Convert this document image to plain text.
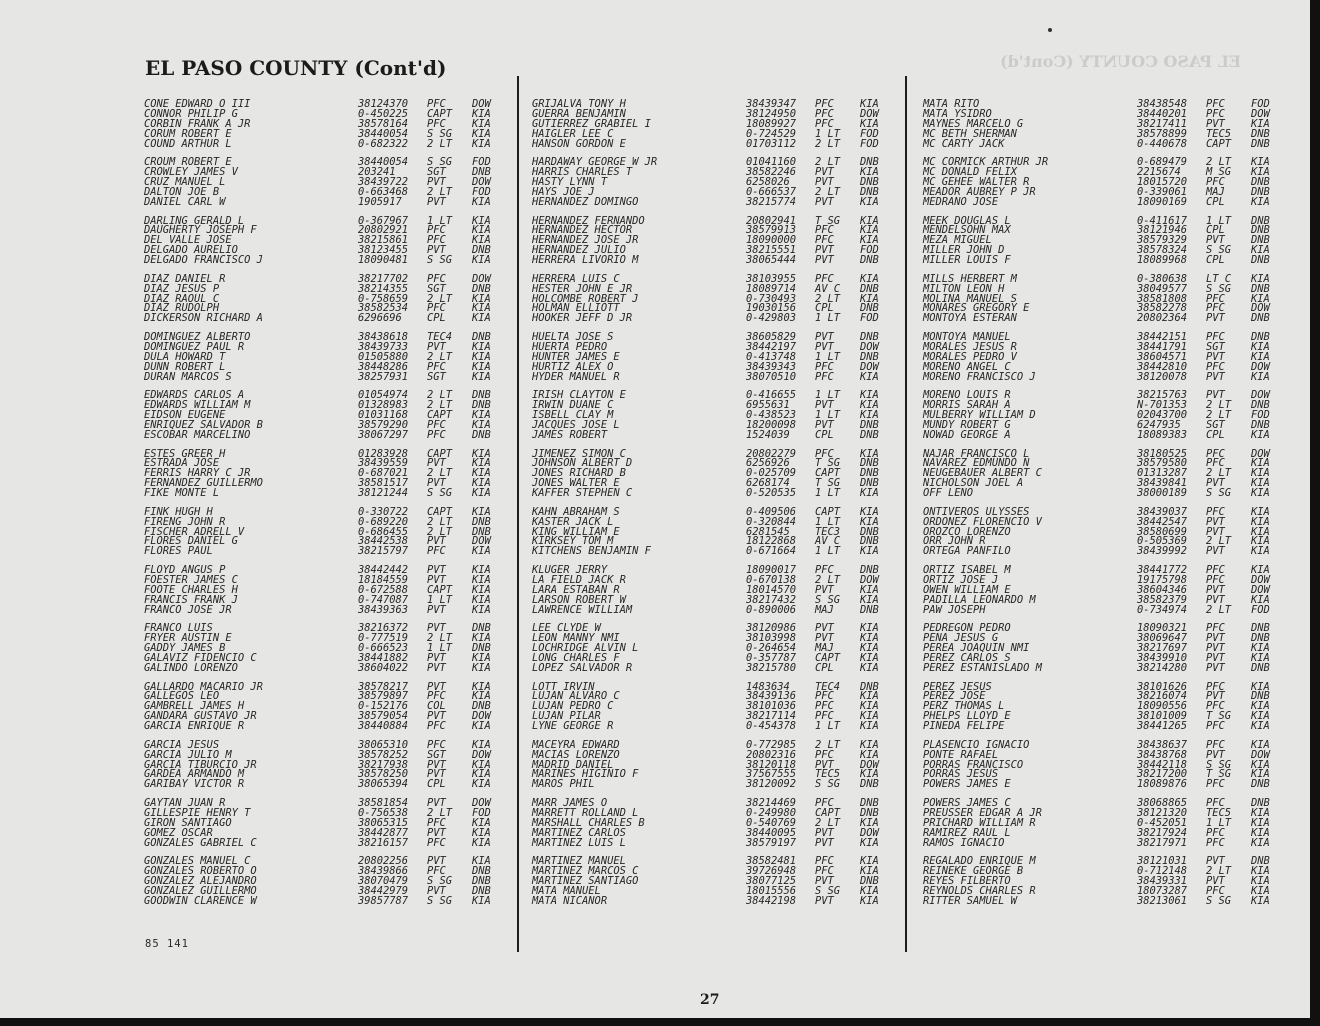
EL PASO COUNTY (Cont'd)	EL PASO COUNTY (Cont'd)
CONE EDWARD O III	38124370 PFC	DOW
CONNOR PHILIP G	0-450225 CAPT KIA
CORBIN FRANK A JR	38578164 PFC	KIA
CORUM ROBERT E	38440054 S SG KIA
COUND ARTHUR L	0-682322 2 LT KIA
CROUM ROBERT E	38440054 S SG FOD
CROWLEY JAMES V	203241	SGT	DNB
CRUZ MANUEL L	38439722 PVT	DOW
DALTON JOE B	0-663468 2 LT FOD
DANIEL CARL W	1905917 PVT	KIA
DARLING GERALD L	0-367967 1 LT KIA
DAUGHERTY JOSEPH F	20802921 PFC	KIA
DEL VALLE JOSE	38215861 PFC	KIA
DELGADO AURELIO	38123455 PVT	DNB
DELGADO FRANCISCO J	18090481 S SG KIA
DIAZ DANIEL R	38217702 PFC	DOW
DIAZ JESUS P	38214355 SGT	DNB
DIAZ RAOUL C	0-758659 2 LT KIA
DIAZ RUDOLPH	38582534 PFC	KIA
DICKERSON RICHARD A	6296696 CPL	KIA
DOMINGUEZ ALBERTO	38438618 TEC4 DNB
DOMINGUEZ PAUL R	38439733 PVT	KIA
DULA HOWARD T	01505880 2 LT KIA
DUNN ROBERT L	38448286 PFC	KIA
DURAN MARCOS S	38257931 SGT	KIA
EDWARDS CARLOS A	01054974 2 LT DNB
EDWARDS WILLIAM M	01328983 2 LT DNB
EIDSON EUGENE	01031168 CAPT KIA
ENRIQUEZ SALVADOR B	38579290 PFC	KIA
ESCOBAR MARCELINO	38067297 PFC	DNB
ESTES GREER H	01283928 CAPT KIA
ESTRADA JOSE	38439559 PVT	KIA
FERRIS HARRY C JR	0-687021 2 LT KIA
FERNANDEZ GUILLERMO	38581517 PVT	KIA
FIKE MONTE L	38121244 S SG KIA
FINK HUGH H	0-330722 CAPT KIA
FIRENG JOHN R	0-689220 2 LT DNB
FISCHER ADRELL V	0-686455 2 LT DNB
FLORES DANIEL G	38442538 PVT	DOW
FLORES PAUL	38215797 PFC	KIA
FLOYD ANGUS P	38442442 PVT	KIA
FOESTER JAMES C	18184559 PVT	KIA
FOOTE CHARLES H	0-672588 CAPT KIA
FRANCIS FRANK J	0-747087 1 LT KIA
FRANCO JOSE JR	38439363 PVT	KIA
FRANCO LUIS	38216372 PVT	DNB
FRYER AUSTIN E	0-777519 2 LT KIA
GADDY JAMES B	0-666523 1 LT DNB
GALAVIZ FIDENCIO C	38441882 PVT	KIA
GALINDO LORENZO	38604022 PVT	KIA
GALLARDO MACARIO JR	38578217 PVT	KIA
GALLEGOS LEO	38579897 PFC	KIA
GAMBRELL JAMES H	0-152176 COL	DNB
GANDARA GUSTAVO JR	38579054 PVT	DOW
GARCIA ENRIQUE R	38440884 PFC	KIA
GARCIA JESUS	38065310 PFC	KIA
GARCIA JULIO M	38578252 SGT	DOW
GARCIA TIBURCIO JR	38217938 PVT	KIA
GARDEA ARMANDO M	38578250 PVT	KIA
GARIBAY VICTOR R	38065394 CPL	KIA
GAYTAN JUAN R	38581854 PVT	DOW
GILLESPIE HENRY T	0-756538 2 LT FOD
GIRON SANTIAGO	38065315 PFC	KIA
GOMEZ OSCAR	38442877 PVT	KIA
GONZALES GABRIEL C	38216157 PFC	KIA
GONZALES MANUEL C	20802256 PVT	KIA
GONZALES ROBERTO O	38439866 PFC	DNB
GONZALEZ ALEJANDRO	38070479 S SG DNB
GONZALEZ GUILLERMO	38442979 PVT	DNB
GOODWIN CLARENCE W	39857787 S SG KIA
GRIJALVA TONY H	38439347 PFC	KIA
GUERRA BENJAMIN	38124950 PFC	DOW
GUTIERREZ GRABIEL I	18089927 PFC	KIA
HAIGLER LEE C	0-724529 1 LT FOD
HANSON GORDON E	01703112 2 LT FOD
HARDAWAY GEORGE W JR	01041160 2 LT DNB
HARRIS CHARLES T	38582246 PVT	KIA
HASTY LYNN T	6258026 PVT	DNB
HAYS JOE J	0-666537 2 LT DNB
HERNANDEZ DOMINGO	38215774 PVT	KIA
HERNANDEZ FERNANDO	20802941 T SG KIA
HERNANDEZ HECTOR	38579913 PFC	KIA
HERNANDEZ JOSE JR	18090000 PFC	KIA
HERNANDEZ JULIO	38215551 PVT	FOD
HERRERA LIVORIO M	38065444 PVT	DNB
HERRERA LUIS C	38103955 PFC	KIA
HESTER JOHN E JR	18089714 AV C DNB
HOLCOMBE ROBERT J	0-730493 2 LT KIA
HOLMAN ELLIOTT	19030156 CPL	DNB
HOOKER JEFF D JR	0-429803 1 LT FOD
HUELTA JOSE S	38605829 PVT	DNB
HUERTA PEDRO	38442197 PVT	DOW
HUNTER JAMES E	0-413748 1 LT DNB
HURTIZ ALEX O	38439343 PFC	DOW
HYDER MANUEL R	38070510 PFC	KIA
IRISH CLAYTON E	0-416655 1 LT KIA
IRWIN DUANE C	6955631 PVT	KIA
ISBELL CLAY M	0-438523 1 LT KIA
JACQUES JOSE L	18200098 PVT	DNB
JAMES ROBERT	1524039 CPL	DNB
JIMENEZ SIMON C	20802279 PFC	KIA
JOHNSON ALBERT D	6256926 T SG DNB
JONES RICHARD B	0-025709 CAPT DNB
JONES WALTER E	6268174 T SG DNB
KAFFER STEPHEN C	0-520535 1 LT KIA
KAHN ABRAHAM S	0-409506 CAPT KIA
KASTER JACK L	0-320844 1 LT KIA
KING WILLIAM E	6281545 TEC3 DNB
KIRKSEY TOM M	18122868 AV C DNB
KITCHENS BENJAMIN F	0-671664 1 LT KIA
KLUGER JERRY	18090017 PFC	DNB
LA FIELD JACK R	0-670138 2 LT DOW
LARA ESTABAN R	18014570 PVT	KIA
LARSON ROBERT W	38217432 S SG KIA
LAWRENCE WILLIAM	0-890006 MAJ	DNB
LEE CLYDE W	38120986 PVT	KIA
LEON MANNY NMI	38103998 PVT	KIA
LOCHRIDGE ALVIN L	0-264654 MAJ	KIA
LONG CHARLES F	0-357787 CAPT KIA
LOPEZ SALVADOR R	38215780 CPL	KIA
LOTT IRVIN	1483634 TEC4 DNB
LUJAN ALVARO C	38439136 PFC	KIA
LUJAN PEDRO C	38101036 PFC	KIA
LUJAN PILAR	38217114 PFC	KIA
LYNE GEORGE R	0-454378 1 LT KIA
MACEYRA EDWARD	0-772985 2 LT KIA
MACIAS LORENZO	20802316 PFC	KIA
MADRID DANIEL	38120118 PVT	DOW
MARINES HIGINIO F	37567555 TEC5 KIA
MAROS PHIL	38120092 S SG DNB
MARR JAMES O	38214469 PFC	DNB
MARRETT ROLLAND L	0-249980 CAPT DNB
MARSHALL CHARLES B	0-540769 2 LT KIA
MARTINEZ CARLOS	38440095 PVT	DOW
MARTINEZ LUIS L	38579197 PVT	KIA
MARTINEZ MANUEL	38582481 PFC	KIA
MARTINEZ MARCOS C	39726948 PFC	KIA
MARTINEZ SANTIAGO	38077125 PVT	DNB
MATA MANUEL	18015556 S SG KIA
MATA NICANOR	38442198 PVT	KIA
MATA RITO	38438548 PFC	FOD
MATA YSIDRO	38440201 PFC	DOW
MAYNES MARCELO G	38217411 PVT	KIA
MC BETH SHERMAN	38578899 TEC5 DNB
MC CARTY JACK	0-440678 CAPT DNB
MC CORMICK ARTHUR JR	0-689479 2 LT KIA
MC DONALD FELIX	2215674 M SG KIA
MC GEHEE WALTER R	18015720 PFC	DNB
MEADOR AUBREY P JR	0-339061 MAJ	DNB
MEDRANO JOSE	18090169 CPL	KIA
MEEK DOUGLAS L	0-411617 1 LT DNB
MENDELSOHN MAX	38121946 CPL	DNB
MEZA MIGUEL	38579329 PVT	DNB
MILLER JOHN D	38578324 S SG KIA
MILLER LOUIS F	18089968 CPL	DNB
MILLS HERBERT M	0-380638 LT C KIA
MILTON LEON H	38049577 S SG DNB
MOLINA MANUEL S	38581808 PFC	KIA
MONARES GREGORY E	38582278 PFC	DOW
MONTOYA ESTERAN	20802364 PVT	DNB
MONTOYA MANUEL	38442151 PFC	DNB
MORALES JESUS R	38441791 SGT	KIA
MORALES PEDRO V	38604571 PVT	KIA
MORENO ANGEL C	38442810 PFC	DOW
MORENO FRANCISCO J	38120078 PVT	KIA
MORENO LOUIS R	38215763 PVT	DOW
MORRIS SARAH A	N-701353 2 LT DNB
MULBERRY WILLIAM D	02043700 2 LT FOD
MUNDY ROBERT G	6247935 SGT	DNB
NOWAD GEORGE A	18089383 CPL	KIA
NAJAR FRANCISCO L	38180525 PFC	DOW
NAVAREZ EDMUNDO N	38579580 PFC	KIA
NEUGEBAUER ALBERT C	01313287 2 LT KIA
NICHOLSON JOEL A	38439841 PVT	KIA
OFF LENO	38000189 S SG KIA
ONTIVEROS ULYSSES	38439037 PFC	KIA
ORDONEZ FLORENCIO V	38442547 PVT	KIA
OROZCO LORENZO	38580699 PVT	KIA
ORR JOHN R	0-505369 2 LT KIA
ORTEGA PANFILO	38439992 PVT	KIA
ORTIZ ISABEL M	38441772 PFC	KIA
ORTIZ JOSE J	19175798 PFC	DOW
OWEN WILLIAM E	38604346 PVT	DOW
PADILLA LEONARDO M	38582379 PVT	KIA
PAW JOSEPH	0-734974 2 LT FOD
PEDREGON PEDRO	18090321 PFC	DNB
PENA JESUS G	38069647 PVT	DNB
PEREA JOAQUIN NMI	38217697 PVT	KIA
PEREZ CARLOS S	38439910 PVT	KIA
PEREZ ESTANISLADO M	38214280 PVT	DNB
PEREZ JESUS	38101626 PFC	KIA
PEREZ JOSE	38216074 PVT	DNB
PERZ THOMAS L	18090556 PFC	KIA
PHELPS LLOYD E	38101009 T SG KIA
PINEDA FELIPE	38441265 PFC	KIA
PLASENCIO IGNACIO	38438637 PFC	KIA
PONTE RAFAEL	38438768 PVT	DOW
PORRAS FRANCISCO	38442118 S SG KIA
PORRAS JESUS	38217200 T SG KIA
POWERS JAMES E	18089876 PFC	DNB
POWERS JAMES C	38068865 PFC	DNB
PREUSSER EDGAR A JR	38121320 TEC5 KIA
PRICHARD WILLIAM R	0-452051 1 LT KIA
RAMIREZ RAUL L	38217924 PFC	KIA
RAMOS IGNACIO	38217971 PFC	KIA
REGALADO ENRIQUE M	38121031 PVT	DNB
REINEKE GEORGE B	0-712148 2 LT KIA
REYES FILBERTO	38439331 PVT	KIA
REYNOLDS CHARLES R	18073287 PFC	KIA
RITTER SAMUEL W	38213061 S SG KIA
85 141
27
